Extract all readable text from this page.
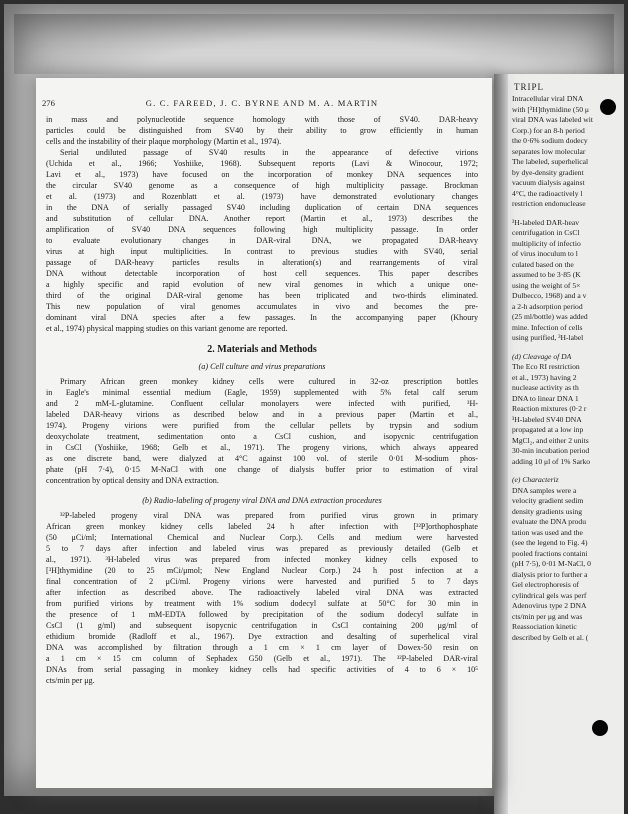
TRIPL
Intracellular viral DNA
with [³H]thymidine (50 μ
viral DNA was labeled wit
Corp.) for an 8-h period
the 0·6% sodium dodecy
separates low molecular
The labeled, superhelical
by dye-density gradient
vacuum dialysis against
4°C, the radioactively l
restriction endonuclease
³H-labeled DAR-heav
centrifugation in CsCl
multiplicity of infectio
of virus inoculum to l
culated based on the
assumed to be 3·85 (K
using the weight of 5×
Dulbecco, 1968) and a v
a 2-h adsorption period
(25 ml/bottle) was added
mine. Infection of cells
using purified, ³H-label
(d) Cleavage of DA
The Eco RI restriction
et al., 1973) having 2
nuclease activity as th
DNA to linear DNA 1
Reaction mixtures (0·2 r
³H-labeled SV40 DNA
propagated at a low inp
MgCl₂, and either 2 units
30-min incubation period
adding 10 μl of 1% Sarko
(e) Characteriz
DNA samples were a
velocity gradient sedim
density gradients using
evaluate the DNA produ
tation was used and the
(see the legend to Fig. 4)
pooled fractions containi
(pH 7·5), 0·01 M-NaCl, 0
dialysis prior to further a
Gel electrophoresis of
cylindrical gels was perf
Adenovirus type 2 DNA
cts/min per μg and was
Reassociation kinetic
described by Gelb et al. (
276	G. C. FAREED, J. C. BYRNE AND M. A. MARTIN
in mass and polynucleotide sequence homology with those of SV40. DAR-heavy
particles could be distinguished from SV40 by their ability to grow efficiently in human
cells and the instability of their plaque morphology (Martin et al., 1974).
Serial undiluted passage of SV40 results in the appearance of defective virions
(Uchida et al., 1966; Yoshiike, 1968). Subsequent reports (Lavi & Winocour, 1972;
Lavi et al., 1973) have focused on the incorporation of monkey DNA sequences into
the circular SV40 genome as a consequence of high multiplicity passage. Brockman
et al. (1973) and Rozenblatt et al. (1973) have demonstrated evolutionary changes
in the DNA of serially passaged SV40 including duplication of certain DNA sequences
and substitution of cellular DNA. Another report (Martin et al., 1973) describes the
amplification of SV40 DNA sequences following high multiplicity passage. In order
to evaluate evolutionary changes in DAR-viral DNA, we propagated DAR-heavy
virus at high input multiplicities. In contrast to previous studies with SV40, serial
passage of DAR-heavy particles results in alteration(s) and rearrangements of viral
DNA without detectable incorporation of host cell sequences. This paper describes
a highly specific and rapid evolution of new viral genomes in which a unique one-
third of the original DAR-viral genome has been triplicated and two-thirds eliminated.
This new population of viral genomes accumulates in vivo and becomes the pre-
dominant viral DNA species after a few passages. In the accompanying paper (Khoury
et al., 1974) physical mapping studies on this variant genome are reported.
2. Materials and Methods
(a) Cell culture and virus preparations
Primary African green monkey kidney cells were cultured in 32-oz prescription bottles
in Eagle's minimal essential medium (Eagle, 1959) supplemented with 5% fetal calf serum
and 2 mM-L-glutamine. Confluent cellular monolayers were infected with purified, ³H-
labeled DAR-heavy virions as described below and in a previous paper (Martin et al.,
1974). Progeny virions were purified from the cellular pellets by trypsin and sodium
deoxycholate treatment, sedimentation onto a CsCl cushion, and isopycnic centrifugation
in CsCl (Yoshiike, 1968; Gelb et al., 1971). The progeny virions, which always appeared
as one discrete band, were dialyzed at 4°C against 100 vol. of sterile 0·01 M-sodium phos-
phate (pH 7·4), 0·15 M-NaCl with one change of dialysis buffer prior to estimation of viral
concentration by optical density and DNA extraction.
(b) Radio-labeling of progeny viral DNA and DNA extraction procedures
³²P-labeled progeny viral DNA was prepared from purified virus grown in primary
African green monkey kidney cells labeled 24 h after infection with [³²P]orthophosphate
(50 μCi/ml; International Chemical and Nuclear Corp.). Cells and medium were harvested
5 to 7 days after infection and labeled virus was prepared as previously detailed (Gelb et
al., 1971). ³H-labeled virus was prepared from infected monkey kidney cells exposed to
[³H]thymidine (20 to 25 mCi/μmol; New England Nuclear Corp.) 24 h post infection at a
final concentration of 2 μCi/ml. Progeny virions were harvested and purified 5 to 7 days
after infection as described above. The radioactively labeled viral DNA was extracted
from purified virions by treatment with 1% sodium dodecyl sulfate at 50°C for 30 min in
the presence of 1 mM-EDTA followed by precipitation of the sodium dodecyl sulfate in
CsCl (1 g/ml) and subsequent isopycnic centrifugation in CsCl containing 200 μg/ml of
ethidium bromide (Radloff et al., 1967). Dye extraction and desalting of superhelical viral
DNA was accomplished by filtration through a 1 cm × 1 cm layer of Dowex-50 resin on
a 1 cm × 15 cm column of Sephadex G50 (Gelb et al., 1971). The ³²P-labeled DAR-viral
DNAs from serial passaging in monkey kidney cells had specific activities of 4 to 6 × 10⁵
cts/min per μg.
